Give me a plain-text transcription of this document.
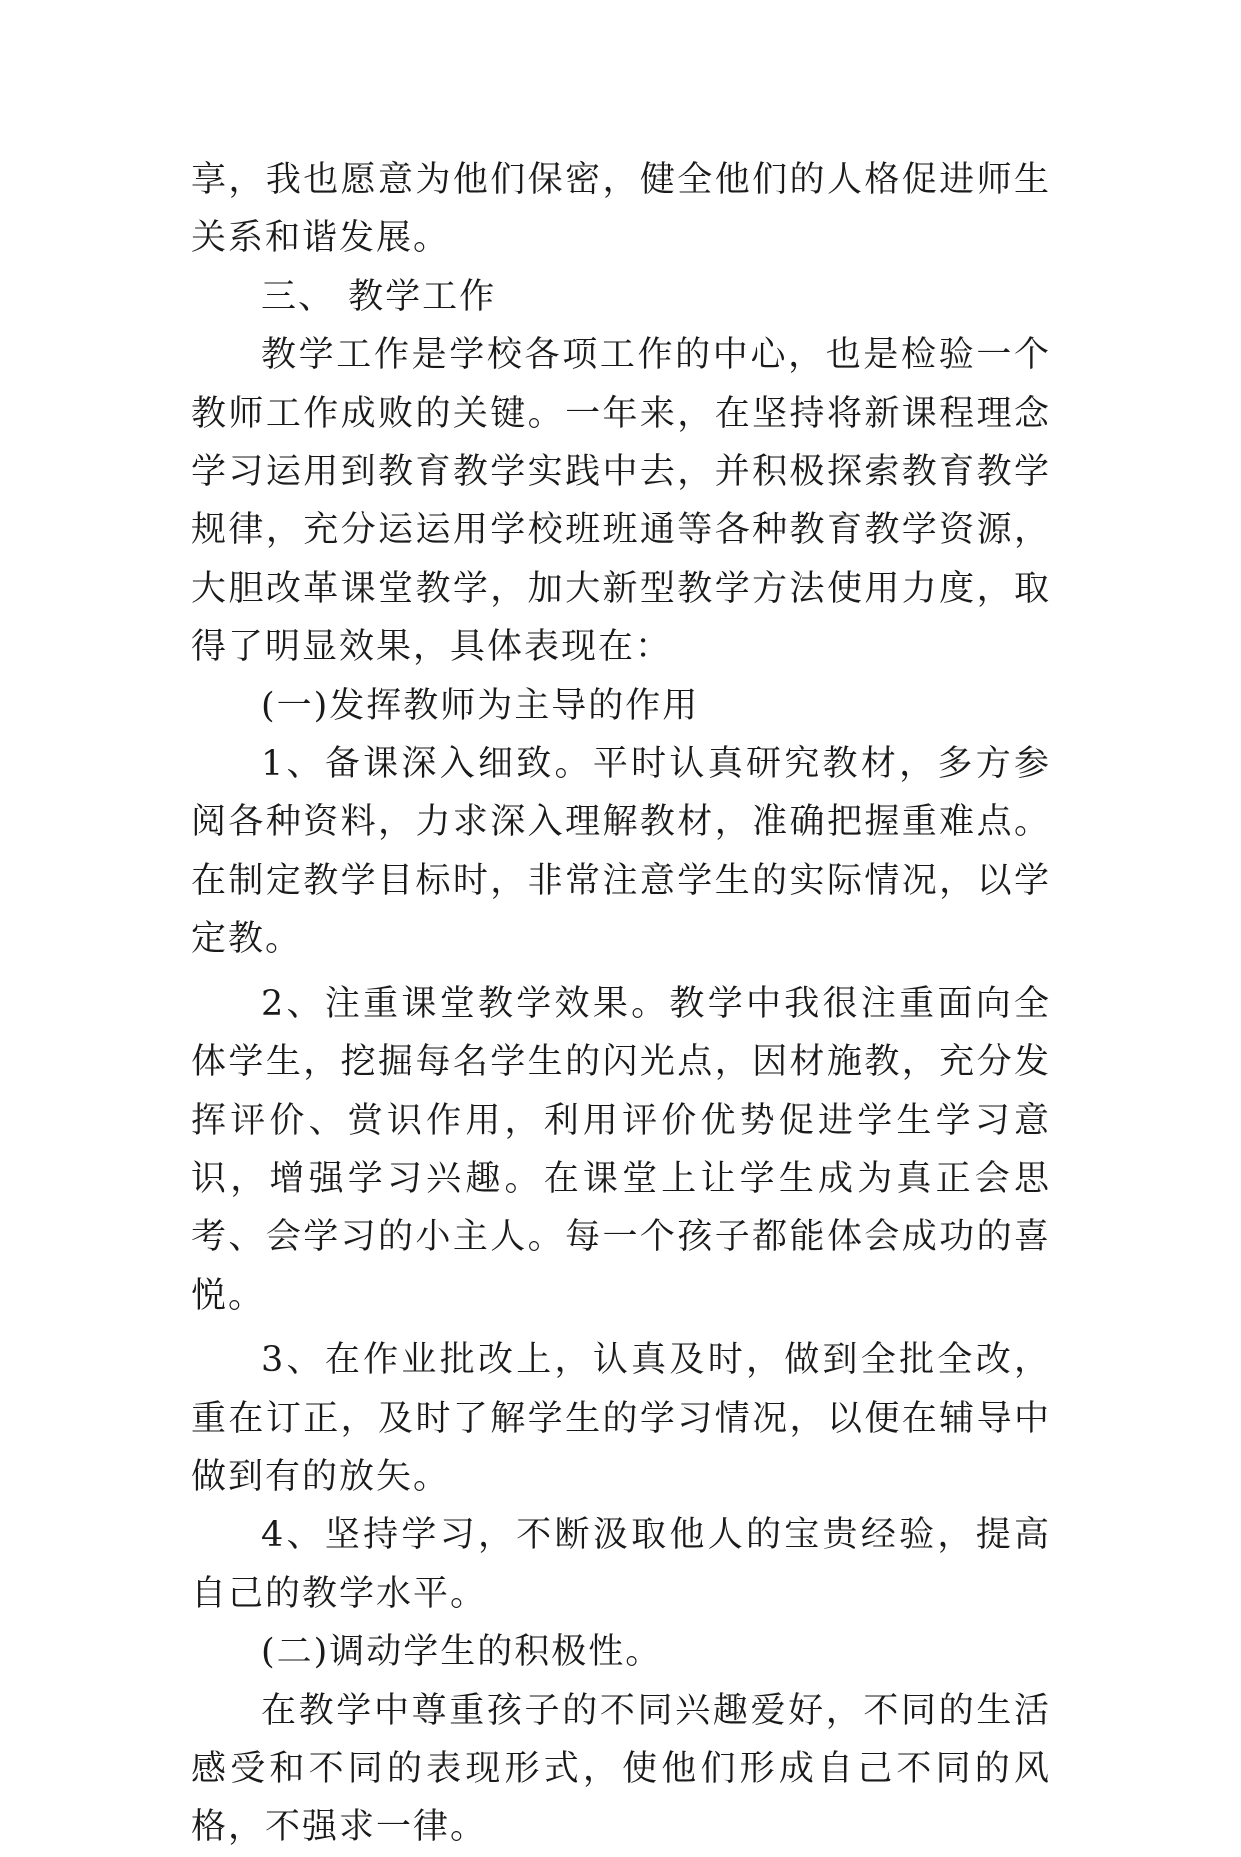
享，我也愿意为他们保密，健全他们的人格促进师生关系和谐发展。

三、 教学工作

教学工作是学校各项工作的中心，也是检验一个教师工作成败的关键。一年来，在坚持将新课程理念学习运用到教育教学实践中去，并积极探索教育教学规律，充分运运用学校班班通等各种教育教学资源，大胆改革课堂教学，加大新型教学方法使用力度，取得了明显效果，具体表现在：

(一)发挥教师为主导的作用

1、备课深入细致。平时认真研究教材，多方参阅各种资料，力求深入理解教材，准确把握重难点。在制定教学目标时，非常注意学生的实际情况，以学定教。

2、注重课堂教学效果。教学中我很注重面向全体学生，挖掘每名学生的闪光点，因材施教，充分发挥评价、赏识作用，利用评价优势促进学生学习意识，增强学习兴趣。在课堂上让学生成为真正会思考、会学习的小主人。每一个孩子都能体会成功的喜悦。

3、在作业批改上，认真及时，做到全批全改，重在订正，及时了解学生的学习情况，以便在辅导中做到有的放矢。

4、坚持学习，不断汲取他人的宝贵经验，提高自己的教学水平。

(二)调动学生的积极性。

在教学中尊重孩子的不同兴趣爱好，不同的生活感受和不同的表现形式，使他们形成自己不同的风格，不强求一律。
